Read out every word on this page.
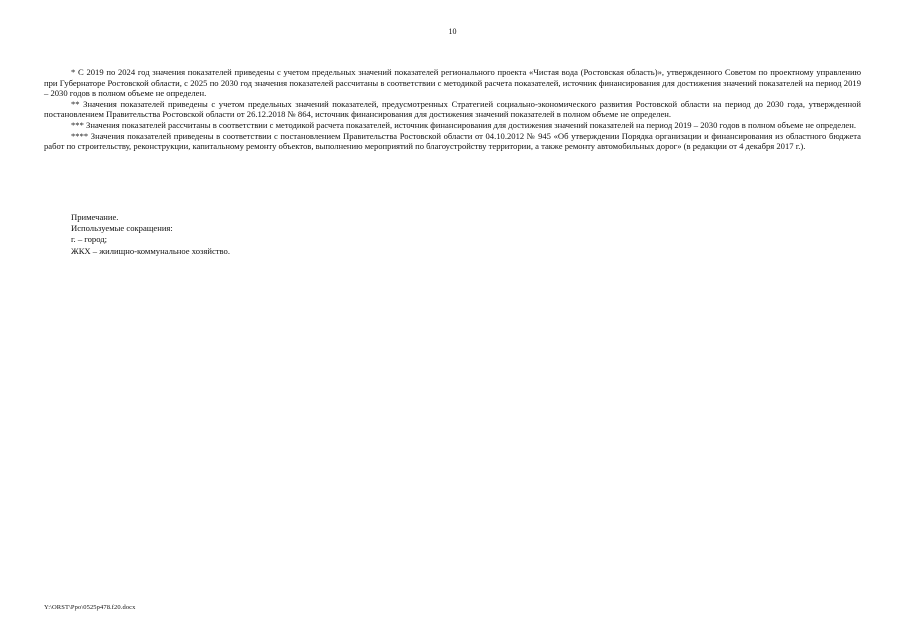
10

* С 2019 по 2024 год значения показателей приведены с учетом предельных значений показателей регионального проекта «Чистая вода (Ростовская область)», утвержденного Советом по проектному управлению при Губернаторе Ростовской области, с 2025 по 2030 год значения показателей рассчитаны в соответствии с методикой расчета показателей, источник финансирования для достижения значений показателей на период 2019 – 2030 годов в полном объеме не определен.

** Значения показателей приведены с учетом предельных значений показателей, предусмотренных Стратегией социально-экономического развития Ростовской области на период до 2030 года, утвержденной постановлением Правительства Ростовской области от 26.12.2018 № 864, источник финансирования для достижения значений показателей в полном объеме не определен.

*** Значения показателей рассчитаны в соответствии с методикой расчета показателей, источник финансирования для достижения значений показателей на период 2019 – 2030 годов в полном объеме не определен.

**** Значения показателей приведены в соответствии с постановлением Правительства Ростовской области от 04.10.2012 № 945 «Об утверждении Порядка организации и финансирования из областного бюджета работ по строительству, реконструкции, капитальному ремонту объектов, выполнению мероприятий по благоустройству территории, а также ремонту автомобильных дорог» (в редакции от 4 декабря 2017 г.).

Примечание.
Используемые сокращения:
г. – город;
ЖКХ – жилищно-коммунальное хозяйство.
Y:\ORST\Ppo\0525p478.f20.docx
